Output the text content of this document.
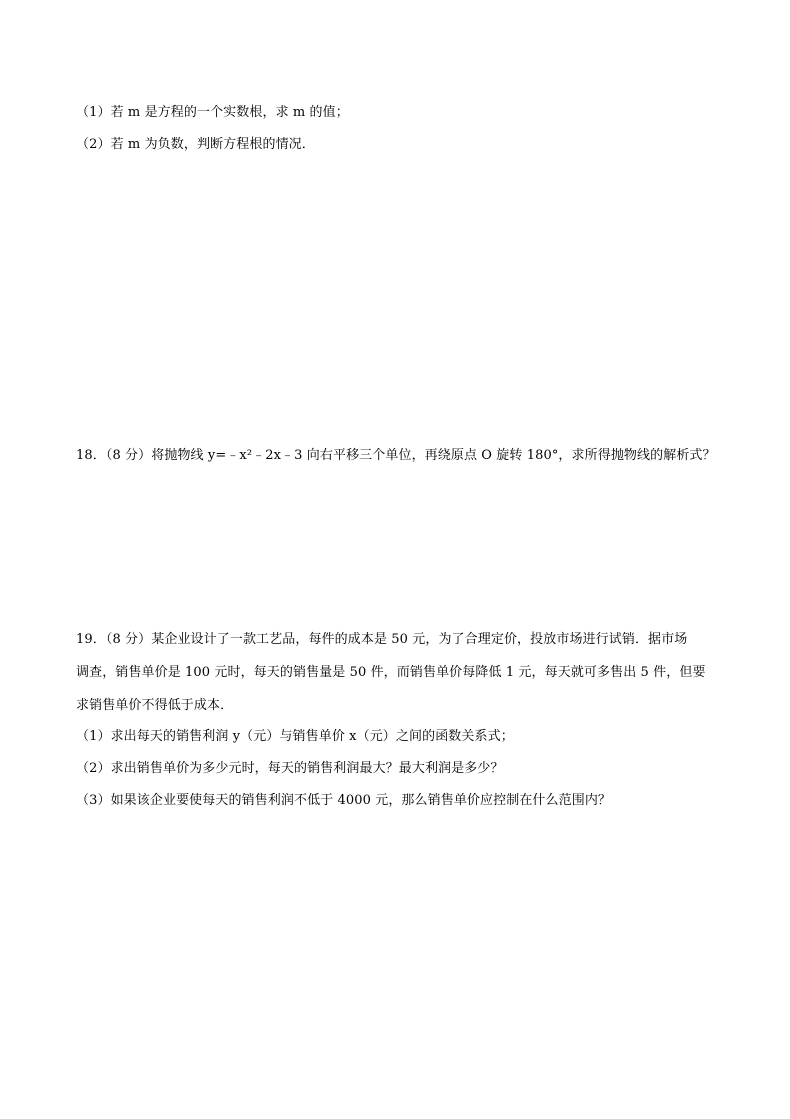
（1）若 m 是方程的一个实数根，求 m 的值；
（2）若 m 为负数，判断方程根的情况．
18．（8 分）将抛物线 y=﹣x²﹣2x﹣3 向右平移三个单位，再绕原点 O 旋转 180°，求所得抛物线的解析式？
19．（8 分）某企业设计了一款工艺品，每件的成本是 50 元，为了合理定价，投放市场进行试销．据市场
调查，销售单价是 100 元时，每天的销售量是 50 件，而销售单价每降低 1 元，每天就可多售出 5 件，但要
求销售单价不得低于成本．
（1）求出每天的销售利润 y（元）与销售单价 x（元）之间的函数关系式；
（2）求出销售单价为多少元时，每天的销售利润最大？最大利润是多少？
（3）如果该企业要使每天的销售利润不低于 4000 元，那么销售单价应控制在什么范围内？
